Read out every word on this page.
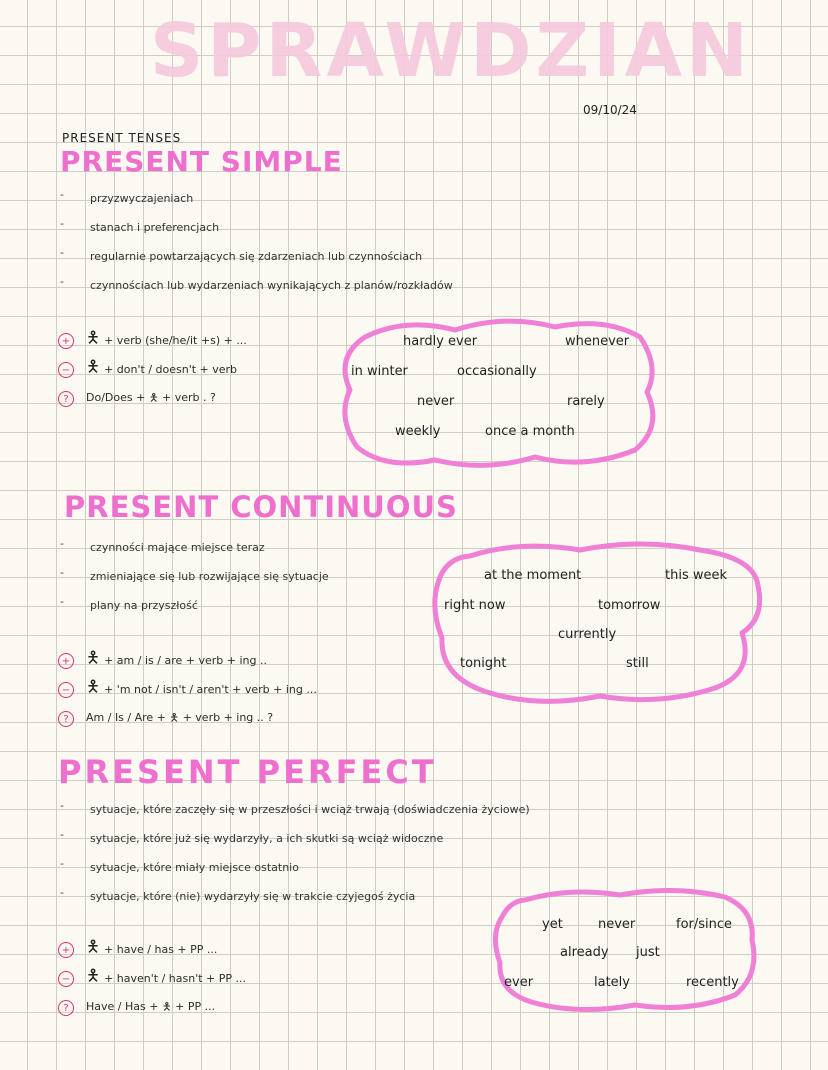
SPRAWDZIAN
09/10/24
PRESENT TENSES
PRESENT SIMPLE
- przyzwyczajeniach
- stanach i preferencjach
- regularnie powtarzających się zdarzeniach lub czynnościach
- czynnościach lub wydarzeniach wynikających z planów/rozkładów
+ 🯅 + verb (she/he/it +s) + ...
− 🯅 + don't / doesn't + verb
?	Do/Does + 🯅 + verb . ?
hardly ever	whenever
in winter	occasionally
never	rarely
weekly	once a month
PRESENT CONTINUOUS
- czynności mające miejsce teraz
- zmieniające się lub rozwijające się sytuacje
- plany na przyszłość
+ 🯅 + am / is / are + verb + ing ..
− 🯅 + 'm not / isn't / aren't + verb + ing ...
?	Am / Is / Are + 🯅 + verb + ing .. ?
at the moment	this week
right now	tomorrow
currently
tonight	still
PRESENT PERFECT
- sytuacje, które zaczęły się w przeszłości i wciąż trwają (doświadczenia życiowe)
- sytuacje, które już się wydarzyły, a ich skutki są wciąż widoczne
- sytuacje, które miały miejsce ostatnio
- sytuacje, które (nie) wydarzyły się w trakcie czyjegoś życia
+ 🯅 + have / has + PP ...
− 🯅 + haven't / hasn't + PP ...
?	Have / Has + 🯅 + PP ...
yet	never	for/since
already just
ever	lately	recently
